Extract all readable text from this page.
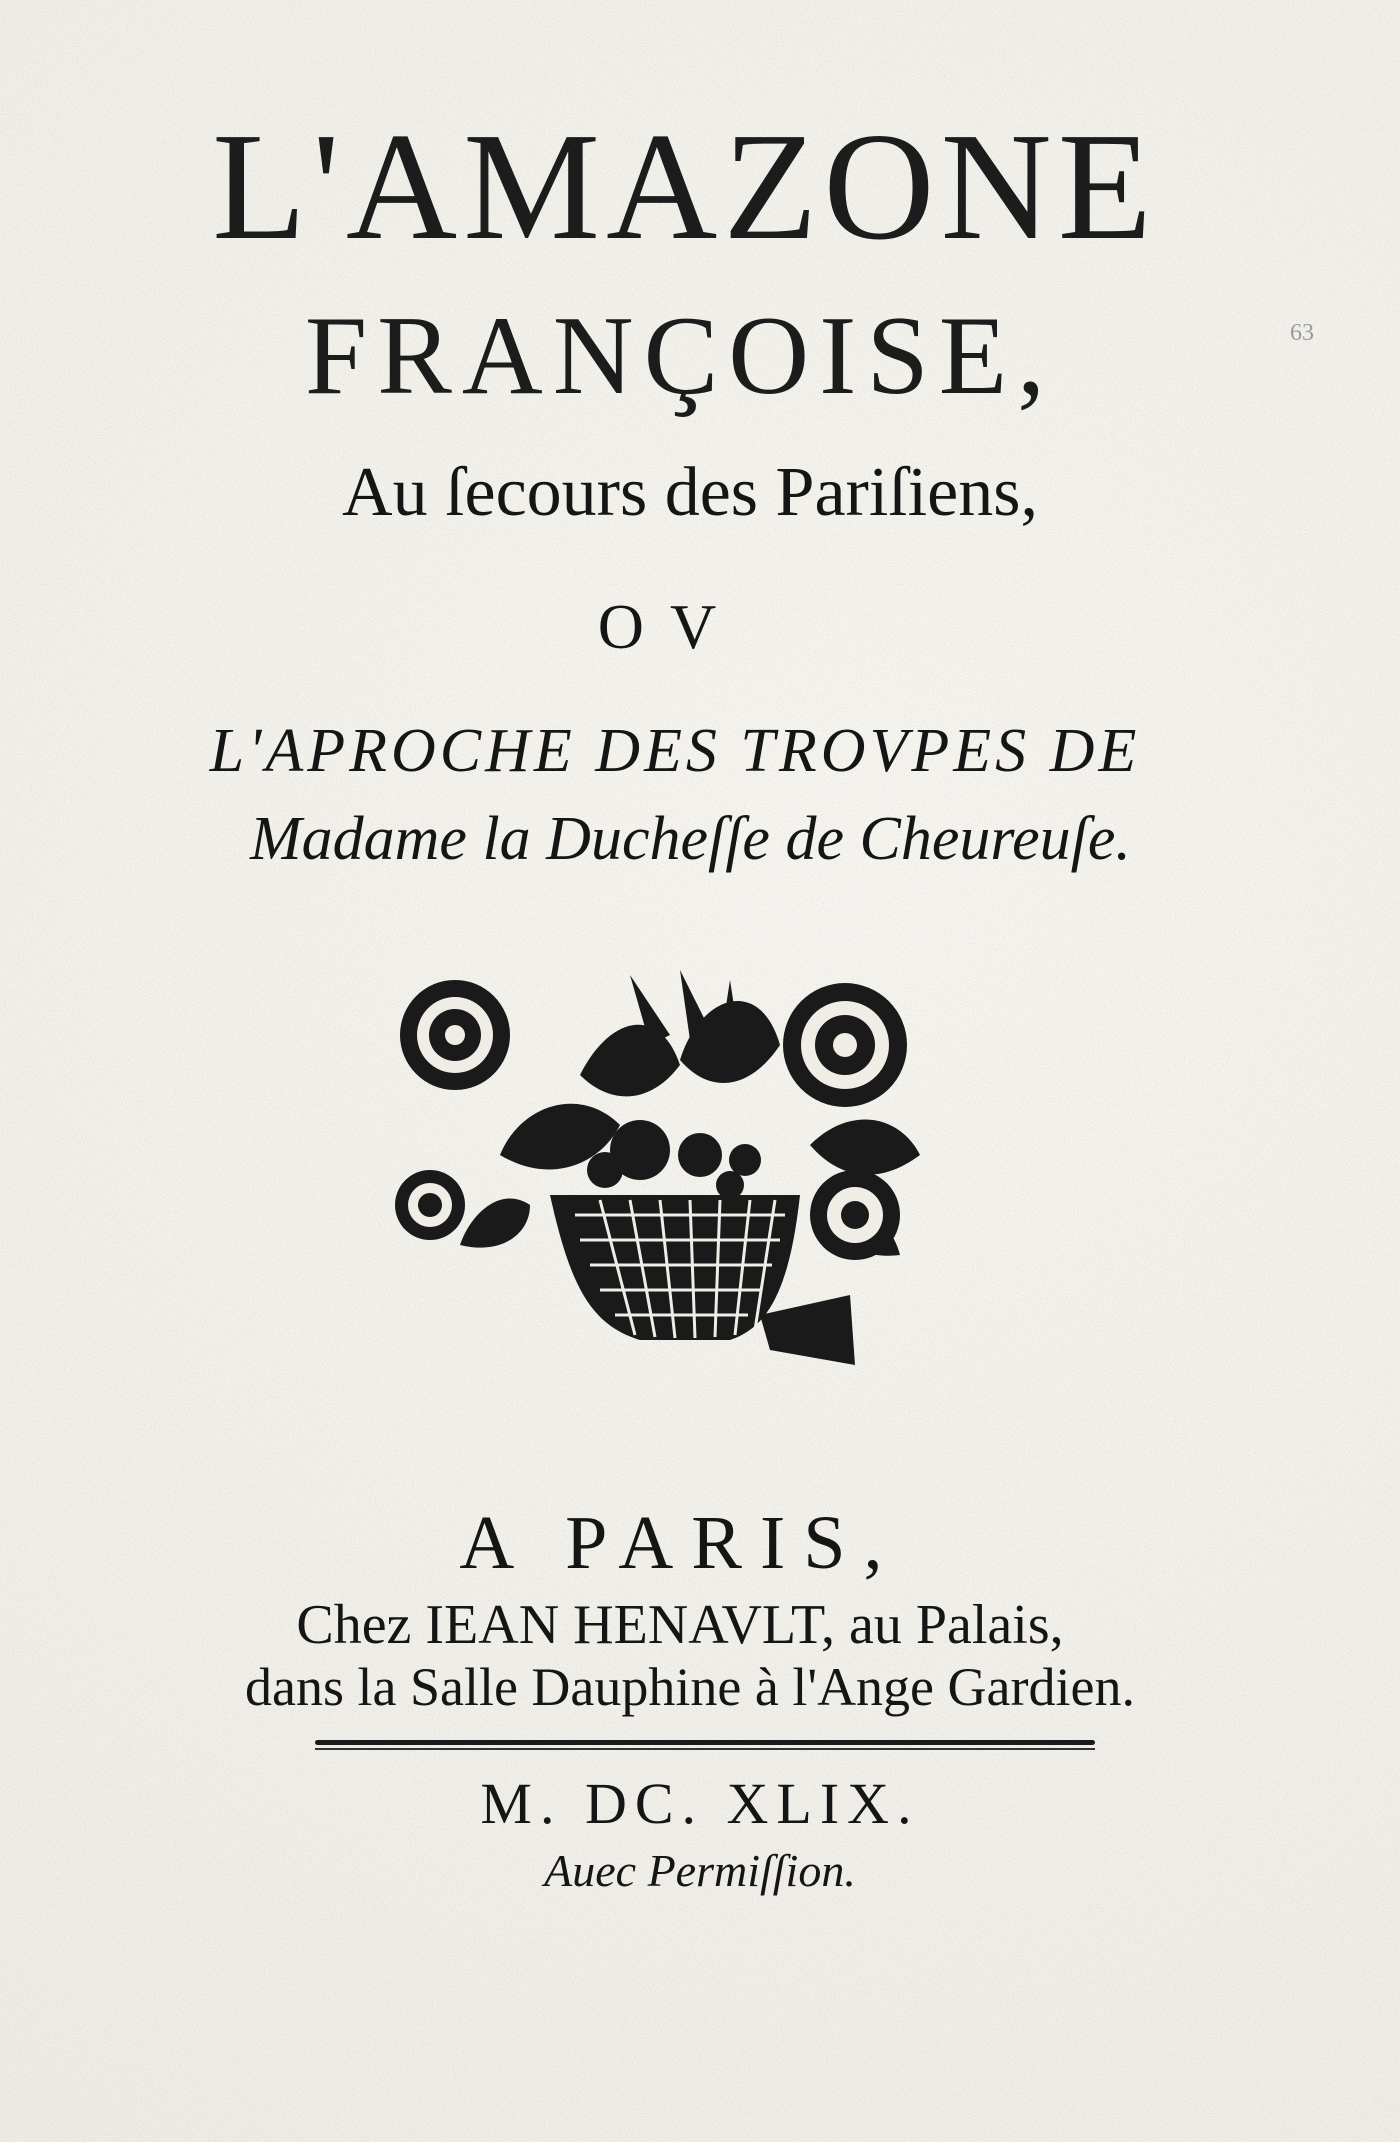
L'AMAZONE
FRANÇOISE,
Au ſecours des Pariſiens,
OV
L'APROCHE DES TROVPES DE
Madame la Ducheſſe de Cheureuſe.
63
A PARIS,
Chez IEAN HENAVLT, au Palais,
dans la Salle Dauphine à l'Ange Gardien.
M. DC. XLIX.
Auec Permiſſion.
